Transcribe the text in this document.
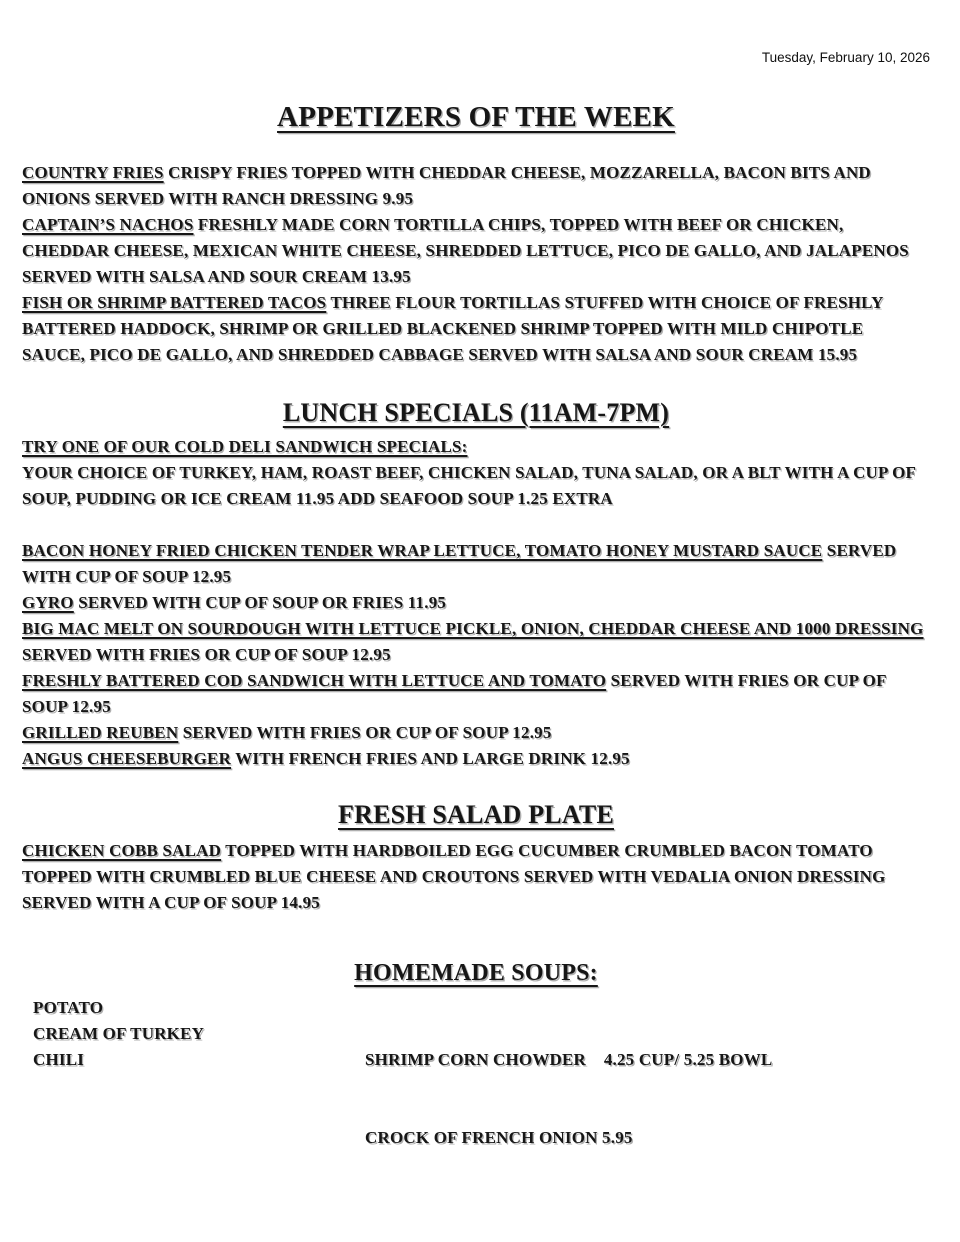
Tuesday, February 10, 2026
APPETIZERS OF THE WEEK

COUNTRY FRIES CRISPY FRIES TOPPED WITH CHEDDAR CHEESE, MOZZARELLA, BACON BITS AND ONIONS SERVED WITH RANCH DRESSING 9.95

CAPTAIN’S NACHOS FRESHLY MADE CORN TORTILLA CHIPS, TOPPED WITH BEEF OR CHICKEN, CHEDDAR CHEESE, MEXICAN WHITE CHEESE, SHREDDED LETTUCE, PICO DE GALLO, AND JALAPENOS SERVED WITH SALSA AND SOUR CREAM 13.95

FISH OR SHRIMP BATTERED TACOS THREE FLOUR TORTILLAS STUFFED WITH CHOICE OF FRESHLY BATTERED HADDOCK, SHRIMP OR GRILLED BLACKENED SHRIMP TOPPED WITH MILD CHIPOTLE SAUCE, PICO DE GALLO, AND SHREDDED CABBAGE SERVED WITH SALSA AND SOUR CREAM 15.95

LUNCH SPECIALS (11AM-7PM)

TRY ONE OF OUR COLD DELI SANDWICH SPECIALS:

YOUR CHOICE OF TURKEY, HAM, ROAST BEEF, CHICKEN SALAD, TUNA SALAD, OR A BLT WITH A CUP OF SOUP, PUDDING OR ICE CREAM 11.95 ADD SEAFOOD SOUP 1.25 EXTRA

BACON HONEY FRIED CHICKEN TENDER WRAP LETTUCE, TOMATO HONEY MUSTARD SAUCE SERVED WITH CUP OF SOUP 12.95

GYRO SERVED WITH CUP OF SOUP OR FRIES 11.95

BIG MAC MELT ON SOURDOUGH WITH LETTUCE PICKLE, ONION, CHEDDAR CHEESE AND 1000 DRESSING SERVED WITH FRIES OR CUP OF SOUP 12.95

FRESHLY BATTERED COD SANDWICH WITH LETTUCE AND TOMATO SERVED WITH FRIES OR CUP OF SOUP 12.95

GRILLED REUBEN SERVED WITH FRIES OR CUP OF SOUP 12.95

ANGUS CHEESEBURGER WITH FRENCH FRIES AND LARGE DRINK 12.95

FRESH SALAD PLATE

CHICKEN COBB SALAD TOPPED WITH HARDBOILED EGG CUCUMBER CRUMBLED BACON TOMATO TOPPED WITH CRUMBLED BLUE CHEESE AND CROUTONS SERVED WITH VEDALIA ONION DRESSING SERVED WITH A CUP OF SOUP 14.95

HOMEMADE SOUPS:
POTATO
CREAM OF TURKEY
CHILI

	SHRIMP CORN CHOWDER    4.25 CUP/ 5.25 BOWL

CROCK OF FRENCH ONION 5.95
